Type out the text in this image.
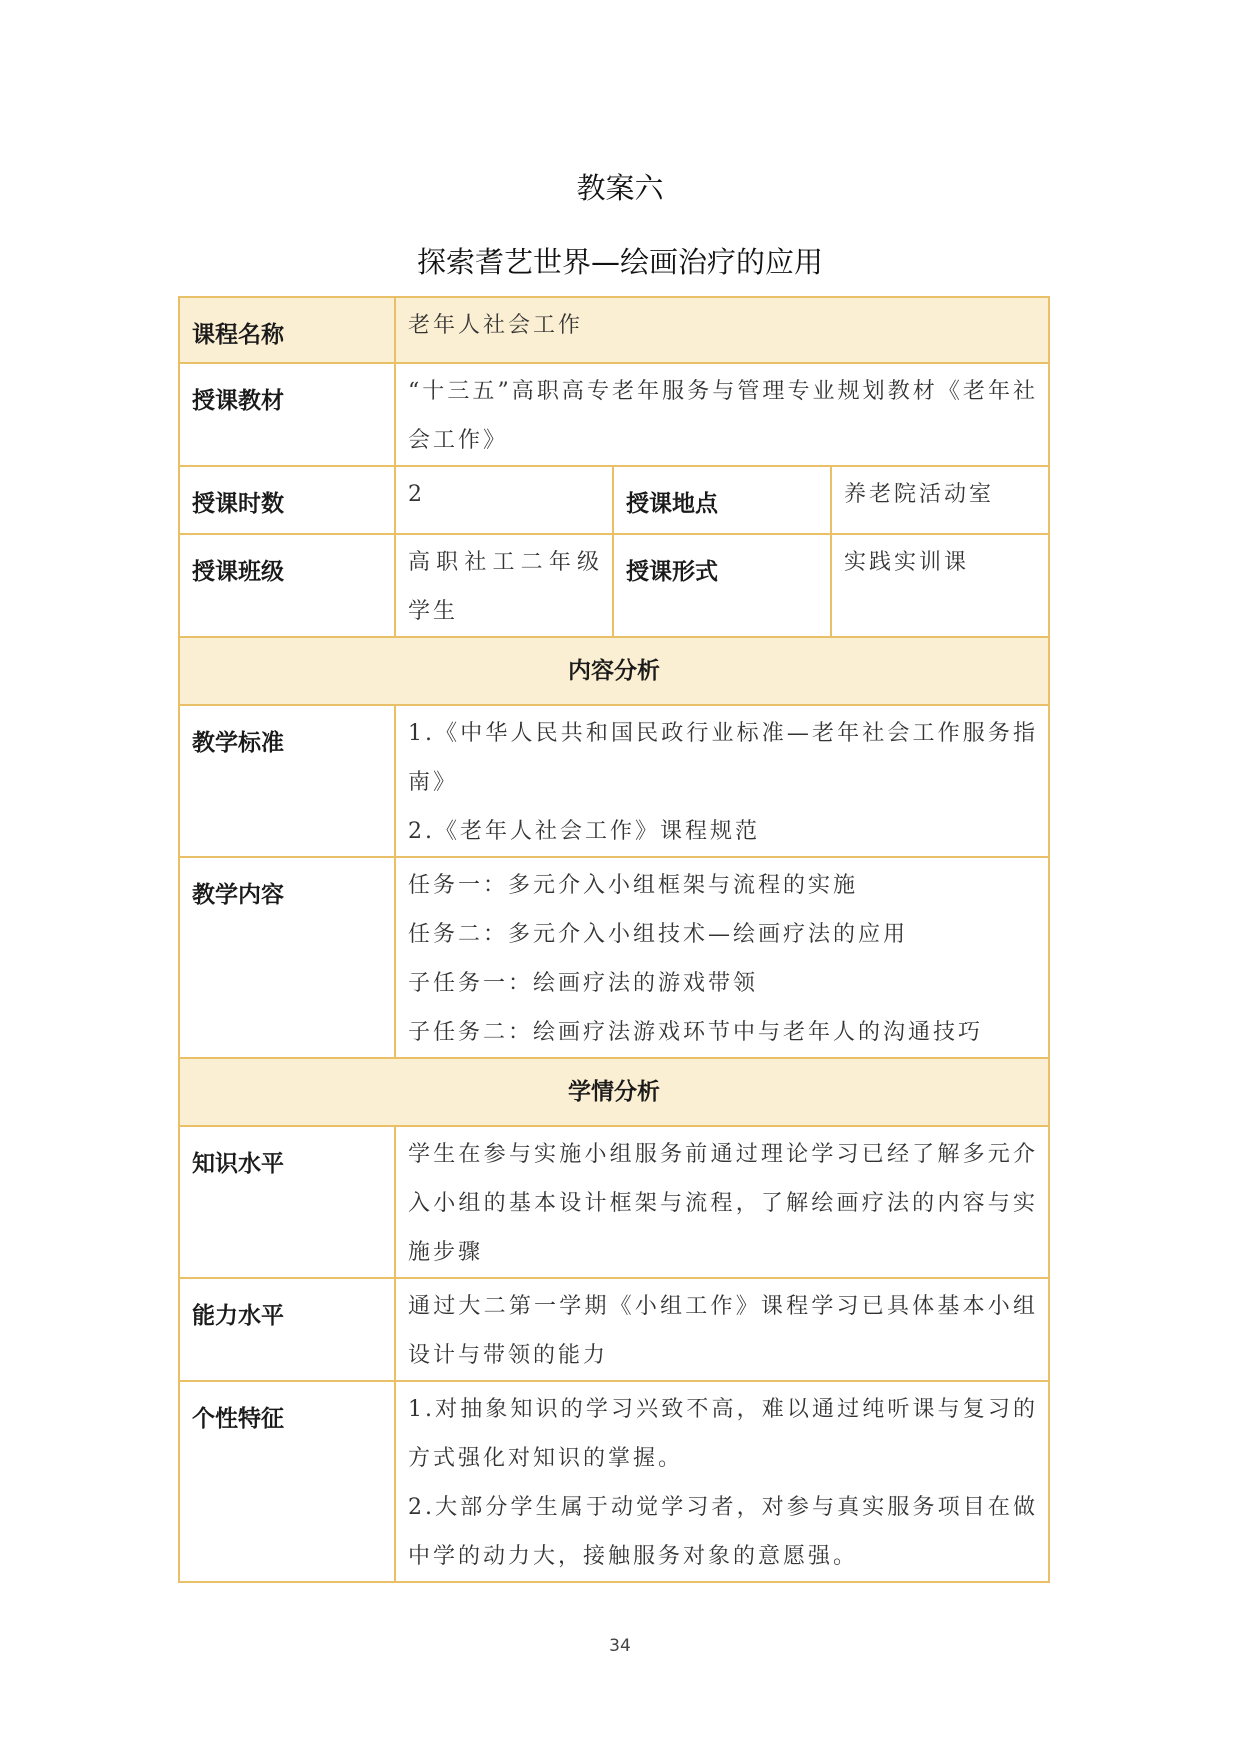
教案六
探索耆艺世界—绘画治疗的应用
课程名称	老年人社会工作		
授课教材	“十三五”高职高专老年服务与管理专业规划教材《老年社会工作》		
授课时数	2	授课地点	养老院活动室
授课班级	高职社工二年级学生	授课形式	实践实训课
内容分析			
教学标准	1.《中华人民共和国民政行业标准—老年社会工作服务指南》

2.《老年人社会工作》课程规范		

教学内容	任务一：多元介入小组框架与流程的实施

任务二：多元介入小组技术—绘画疗法的应用

子任务一：绘画疗法的游戏带领

子任务二：绘画疗法游戏环节中与老年人的沟通技巧		

学情分析			
知识水平	学生在参与实施小组服务前通过理论学习已经了解多元介入小组的基本设计框架与流程，了解绘画疗法的内容与实施步骤		
能力水平	通过大二第一学期《小组工作》课程学习已具体基本小组设计与带领的能力		
个性特征	1.对抽象知识的学习兴致不高，难以通过纯听课与复习的方式强化对知识的掌握。

2.大部分学生属于动觉学习者，对参与真实服务项目在做中学的动力大，接触服务对象的意愿强。		

34
